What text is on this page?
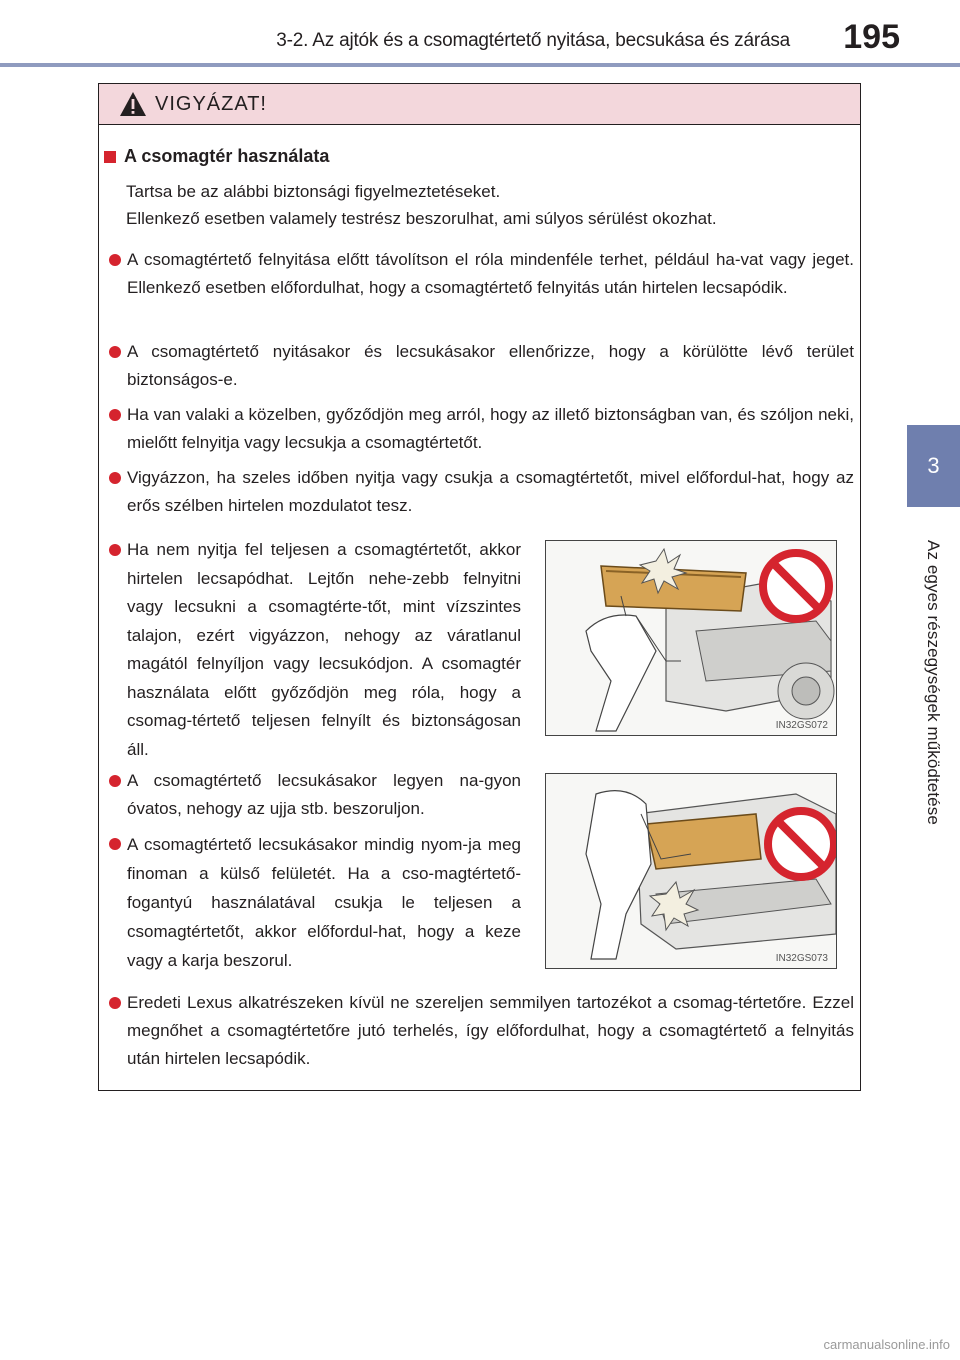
3-2. Az ajtók és a csomagtértető nyitása, becsukása és zárása	195
3
Az egyes részegységek működtetése
VIGYÁZAT!
A csomagtér használata
Tartsa be az alábbi biztonsági figyelmeztetéseket.
Ellenkező esetben valamely testrész beszorulhat, ami súlyos sérülést okozhat.
A csomagtértető felnyitása előtt távolítson el róla mindenféle terhet, például ha-vat vagy jeget. Ellenkező esetben előfordulhat, hogy a csomagtértető felnyitás után hirtelen lecsapódik.
A csomagtértető nyitásakor és lecsukásakor ellenőrizze, hogy a körülötte lévő terület biztonságos-e.
Ha van valaki a közelben, győződjön meg arról, hogy az illető biztonságban van, és szóljon neki, mielőtt felnyitja vagy lecsukja a csomagtértetőt.
Vigyázzon, ha szeles időben nyitja vagy csukja a csomagtértetőt, mivel előfordul-hat, hogy az erős szélben hirtelen mozdulatot tesz.
Ha nem nyitja fel teljesen a csomagtértetőt, akkor hirtelen lecsapódhat. Lejtőn nehe-zebb felnyitni vagy lecsukni a csomagtérte-tőt, mint vízszintes talajon, ezért vigyázzon, nehogy az váratlanul magától felnyíljon vagy lecsukódjon. A csomagtér használata előtt győződjön meg róla, hogy a csomag-tértető teljesen felnyílt és biztonságosan áll.
IN32GS072
A csomagtértető lecsukásakor legyen na-gyon óvatos, nehogy az ujja stb. beszoruljon.
A csomagtértető lecsukásakor mindig nyom-ja meg finoman a külső felületét. Ha a cso-magtértető-fogantyú használatával csukja le teljesen a csomagtértetőt, akkor előfordul-hat, hogy a keze vagy a karja beszorul.	IN32GS073
Eredeti Lexus alkatrészeken kívül ne szereljen semmilyen tartozékot a csomag-tértetőre. Ezzel megnőhet a csomagtértetőre jutó terhelés, így előfordulhat, hogy a csomagtértető a felnyitás után hirtelen lecsapódik.
carmanualsonline.info
